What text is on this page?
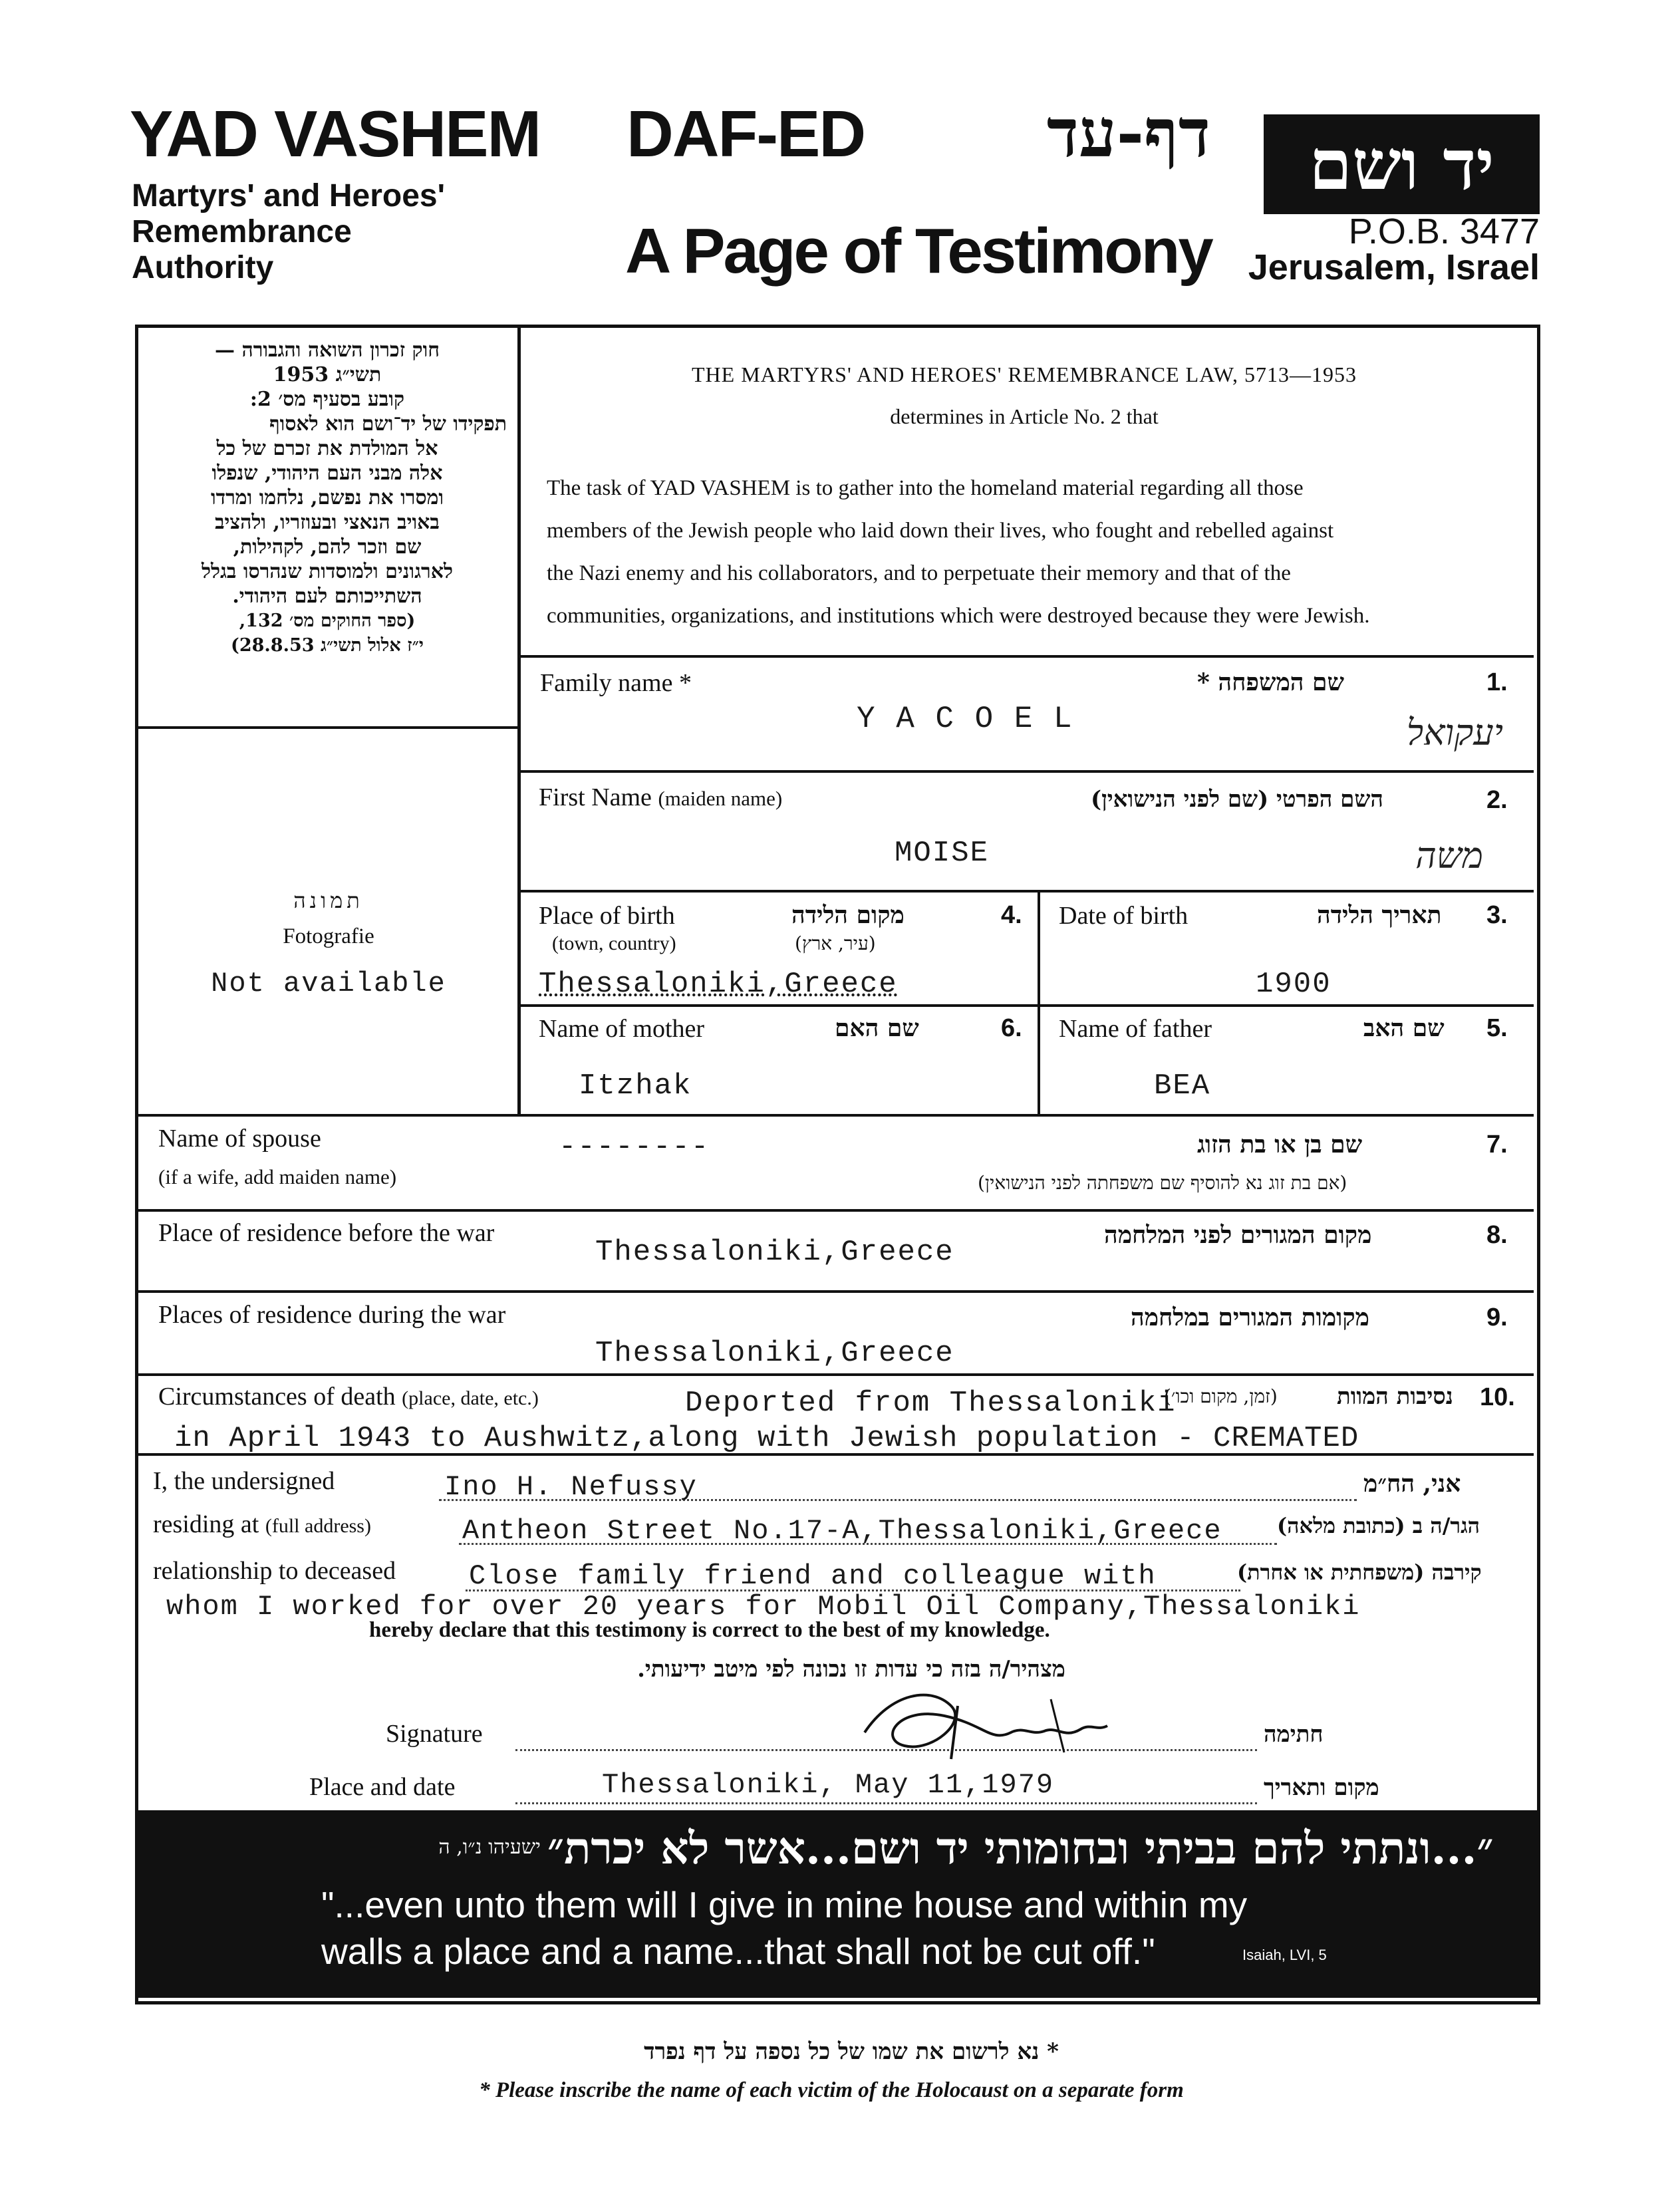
YAD VASHEM
Martyrs' and Heroes'
Remembrance
Authority
DAF-ED	דף-עד
A Page of Testimony
יד ושם
P.O.B. 3477
Jerusalem, Israel
חוק זכרון השואה והגבורה —
תשי״ג 1953
קובע בסעיף מס׳ 2:
תפקידו של יד־ושם הוא לאסוף
אל המולדת את זכרם של כל
אלה מבני העם היהודי, שנפלו
ומסרו את נפשם, נלחמו ומרדו
באויב הנאצי ובעוזריו, ולהציב
שם וזכר להם, לקהילות,
לארגונים ולמוסדות שנהרסו בגלל
השתייכותם לעם היהודי.
(ספר החוקים מס׳ 132,
י״ז אלול תשי״ג 28.8.53)
THE MARTYRS' AND HEROES' REMEMBRANCE LAW, 5713—1953
determines in Article No. 2 that
The task of YAD VASHEM is to gather into the homeland material regarding all those
members of the Jewish people who laid down their lives, who fought and rebelled against
the Nazi enemy and his collaborators, and to perpetuate their memory and that of the
communities, organizations, and institutions which were destroyed because they were Jewish.
תמונה
Fotografie
Not available
Family name *	שם המשפחה *	1.
Y A C O E L	יעקואל
First Name (maiden name)	השם הפרטי (שם לפני הנישואין)	2.
MOISE	משה
Place of birth
(town, country)
מקום הלידה
(עיר, ארץ)
4.
Thessaloniki,Greece
Date of birth	תאריך הלידה	3.
1900
Name of mother	שם האם	6.
Itzhak
Name of father	שם האב	5.
BEA
Name of spouse
(if a wife, add maiden name)
--------	שם בן או בת הזוג
(אם בת זוג נא להוסיף שם משפחתה לפני הנישואין)
7.
Place of residence before the war
Thessaloniki,Greece
מקום המגורים לפני המלחמה	8.
Places of residence during the war
Thessaloniki,Greece
מקומות המגורים במלחמה	9.
Circumstances of death (place, date, etc.)	Deported from Thessaloniki
(זמן, מקום וכו׳)	נסיבות המוות	10.
in April 1943 to Aushwitz,along with Jewish population - CREMATED
I, the undersigned	Ino H. Nefussy	אני, הח״מ
residing at (full address)	Antheon Street No.17-A,Thessaloniki,Greece	הגר/ה ב (כתובת מלאה)
relationship to deceased	Close family friend and colleague with	קירבה (משפחתית או אחרת)
whom I worked for over 20 years for Mobil Oil Company,Thessaloniki
hereby declare that this testimony is correct to the best of my knowledge.
מצהיר/ה בזה כי עדות זו נכונה לפי מיטב ידיעותי.
Signature	חתימה
Place and date	Thessaloniki, May 11,1979	מקום ותאריך
ישעיהו נ״ו, ה ״...ונתתי להם בביתי ובחומותי יד ושם...אשר לא יכרת״
"...even unto them will I give in mine house and within my
walls a place and a name...that shall not be cut off."	Isaiah, LVI, 5
* נא לרשום את שמו של כל נספה על דף נפרד
* Please inscribe the name of each victim of the Holocaust on a separate form
